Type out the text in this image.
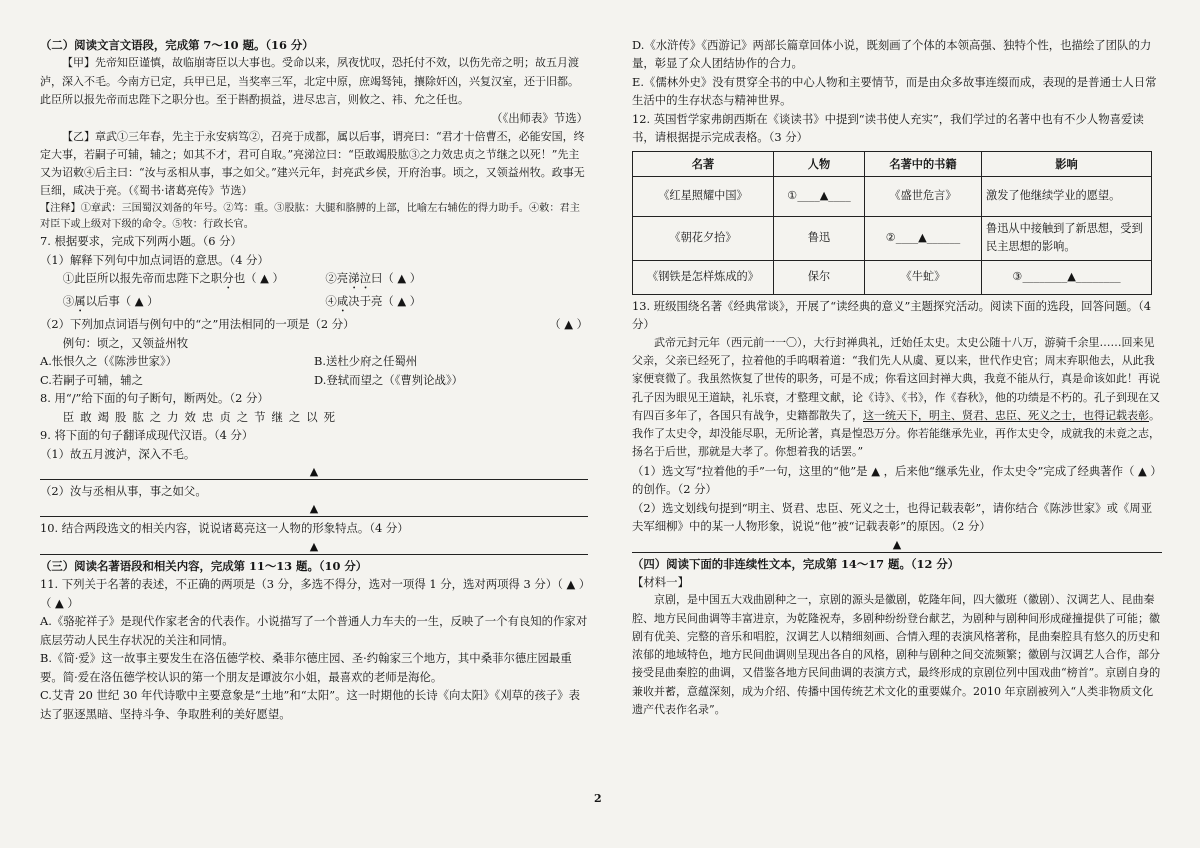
（二）阅读文言文语段，完成第 7～10 题。（16 分）

【甲】先帝知臣谨慎，故临崩寄臣以大事也。受命以来，夙夜忧叹，恐托付不效，以伤先帝之明；故五月渡泸，深入不毛。今南方已定，兵甲已足，当奖率三军，北定中原，庶竭驽钝，攘除奸凶，兴复汉室，还于旧都。此臣所以报先帝而忠陛下之职分也。至于斟酌损益，进尽忠言，则攸之、祎、允之任也。

（《出师表》节选）

【乙】章武①三年春，先主于永安病笃②，召亮于成都，属以后事，谓亮曰：“君才十倍曹丕，必能安国，终定大事，若嗣子可辅，辅之；如其不才，君可自取。”亮涕泣曰：“臣敢竭股肱③之力效忠贞之节继之以死！”先主又为诏敕④后主曰：“汝与丞相从事，事之如父。”建兴元年，封亮武乡侯，开府治事。顷之，又领益州牧。政事无巨细，咸决于亮。（《蜀书·诸葛亮传》节选）

【注释】①章武：三国蜀汉刘备的年号。②笃：重。③股肱：大腿和胳膊的上部，比喻左右辅佐的得力助手。④敕：君主对臣下或上级对下级的命令。⑤牧：行政长官。

7. 根据要求，完成下列两小题。（6 分）

（1）解释下列句中加点词语的意思。（4 分）

①此臣所以报先帝而忠陛下之职分也（ ▲ ）	②亮涕泣曰（ ▲ ）
③属以后事（ ▲ ）	④咸决于亮（ ▲ ）
（2）下列加点词语与例句中的“之”用法相同的一项是（2 分）	（ ▲ ）

例句：顷之，又领益州牧

A.怅恨久之（《陈涉世家》）	B.送杜少府之任蜀州
C.若嗣子可辅，辅之	D.登轼而望之（《曹刿论战》）

8. 用“/”给下面的句子断句，断两处。（2 分）

臣敢竭股肱之力效忠贞之节继之以死

9. 将下面的句子翻译成现代汉语。（4 分）

（1）故五月渡泸，深入不毛。

▲

（2）汝与丞相从事，事之如父。

▲

10. 结合两段选文的相关内容，说说诸葛亮这一人物的形象特点。（4 分）

▲

（三）阅读名著语段和相关内容，完成第 11～13 题。（10 分）

11. 下列关于名著的表述，不正确的两项是（3 分，多选不得分，选对一项得 1 分，选对两项得 3 分）（ ▲ ）（ ▲ ）

A.《骆驼祥子》是现代作家老舍的代表作。小说描写了一个普通人力车夫的一生，反映了一个有良知的作家对底层劳动人民生存状况的关注和同情。

B.《简·爱》这一故事主要发生在洛伍德学校、桑菲尔德庄园、圣·约翰家三个地方，其中桑菲尔德庄园最重要。简·爱在洛伍德学校认识的第一个朋友是谭波尔小姐，最喜欢的老师是海伦。

C.艾青 20 世纪 30 年代诗歌中主要意象是“土地”和“太阳”。这一时期他的长诗《向太阳》《刈草的孩子》表达了驱逐黑暗、坚持斗争、争取胜利的美好愿望。

D.《水浒传》《西游记》两部长篇章回体小说，既刻画了个体的本领高强、独特个性，也描绘了团队的力量，彰显了众人团结协作的合力。

E.《儒林外史》没有贯穿全书的中心人物和主要情节，而是由众多故事连缀而成，表现的是普通士人日常生活中的生存状态与精神世界。

12. 英国哲学家弗朗西斯在《谈读书》中提到“读书使人充实”，我们学过的名著中也有不少人物喜爱读书，请根据提示完成表格。（3 分）

名著	人物	名著中的书籍	影响
《红星照耀中国》	①____▲____	《盛世危言》	激发了他继续学业的愿望。
《朝花夕拾》	鲁迅	②____▲______	鲁迅从中接触到了新思想，受到民主思想的影响。
《钢铁是怎样炼成的》	保尔	《牛虻》	③________▲________

13. 班级围绕名著《经典常谈》，开展了“读经典的意义”主题探究活动。阅读下面的选段，回答问题。（4 分）

武帝元封元年（西元前一一〇），大行封禅典礼，迁始任太史。太史公随十八万，游骑千余里……回来见父亲，父亲已经死了，拉着他的手呜咽着道：“我们先人从虞、夏以来，世代作史官；周末弃职他去，从此我家便衰微了。我虽然恢复了世传的职务，可是不成；你看这回封禅大典，我竟不能从行，真是命该如此！再说孔子因为眼见王道缺，礼乐衰，才整理文献，论《诗》、《书》，作《春秋》，他的功绩是不朽的。孔子到现在又有四百多年了，各国只有战争，史籍都散失了，这一统天下，明主、贤君、忠臣、死义之士，也得记载表彰。我作了太史令，却没能尽职，无所论著，真是惶恐万分。你若能继承先业，再作太史令，成就我的未竟之志，扬名于后世，那就是大孝了。你想着我的话罢。”

（1）选文写“拉着他的手”一句，这里的“他”是 ▲ ，后来他“继承先业，作太史令”完成了经典著作（ ▲ ）的创作。（2 分）

（2）选文划线句提到“明主、贤君、忠臣、死义之士，也得记载表彰”，请你结合《陈涉世家》或《周亚夫军细柳》中的某一人物形象，说说“他”被“记载表彰”的原因。（2 分）

▲

（四）阅读下面的非连续性文本，完成第 14～17 题。（12 分）

【材料一】

京剧，是中国五大戏曲剧种之一，京剧的源头是徽剧，乾隆年间，四大徽班（徽剧）、汉调艺人、昆曲秦腔、地方民间曲调等丰富进京，为乾隆祝寿，多剧种纷纷登台献艺，为剧种与剧种间形成碰撞提供了可能；徽剧有优美、完整的音乐和唱腔，汉调艺人以精细刻画、合情入理的表演风格著称，昆曲秦腔具有悠久的历史和浓郁的地域特色，地方民间曲调则呈现出各自的风格，剧种与剧种之间交流频繁；徽剧与汉调艺人合作，部分接受昆曲秦腔的曲调，又借鉴各地方民间曲调的表演方式，最终形成的京剧位列中国戏曲“榜首”。京剧自身的兼收并蓄，意蕴深刻，成为介绍、传播中国传统艺术文化的重要媒介。2010 年京剧被列入“人类非物质文化遗产代表作名录”。

2
